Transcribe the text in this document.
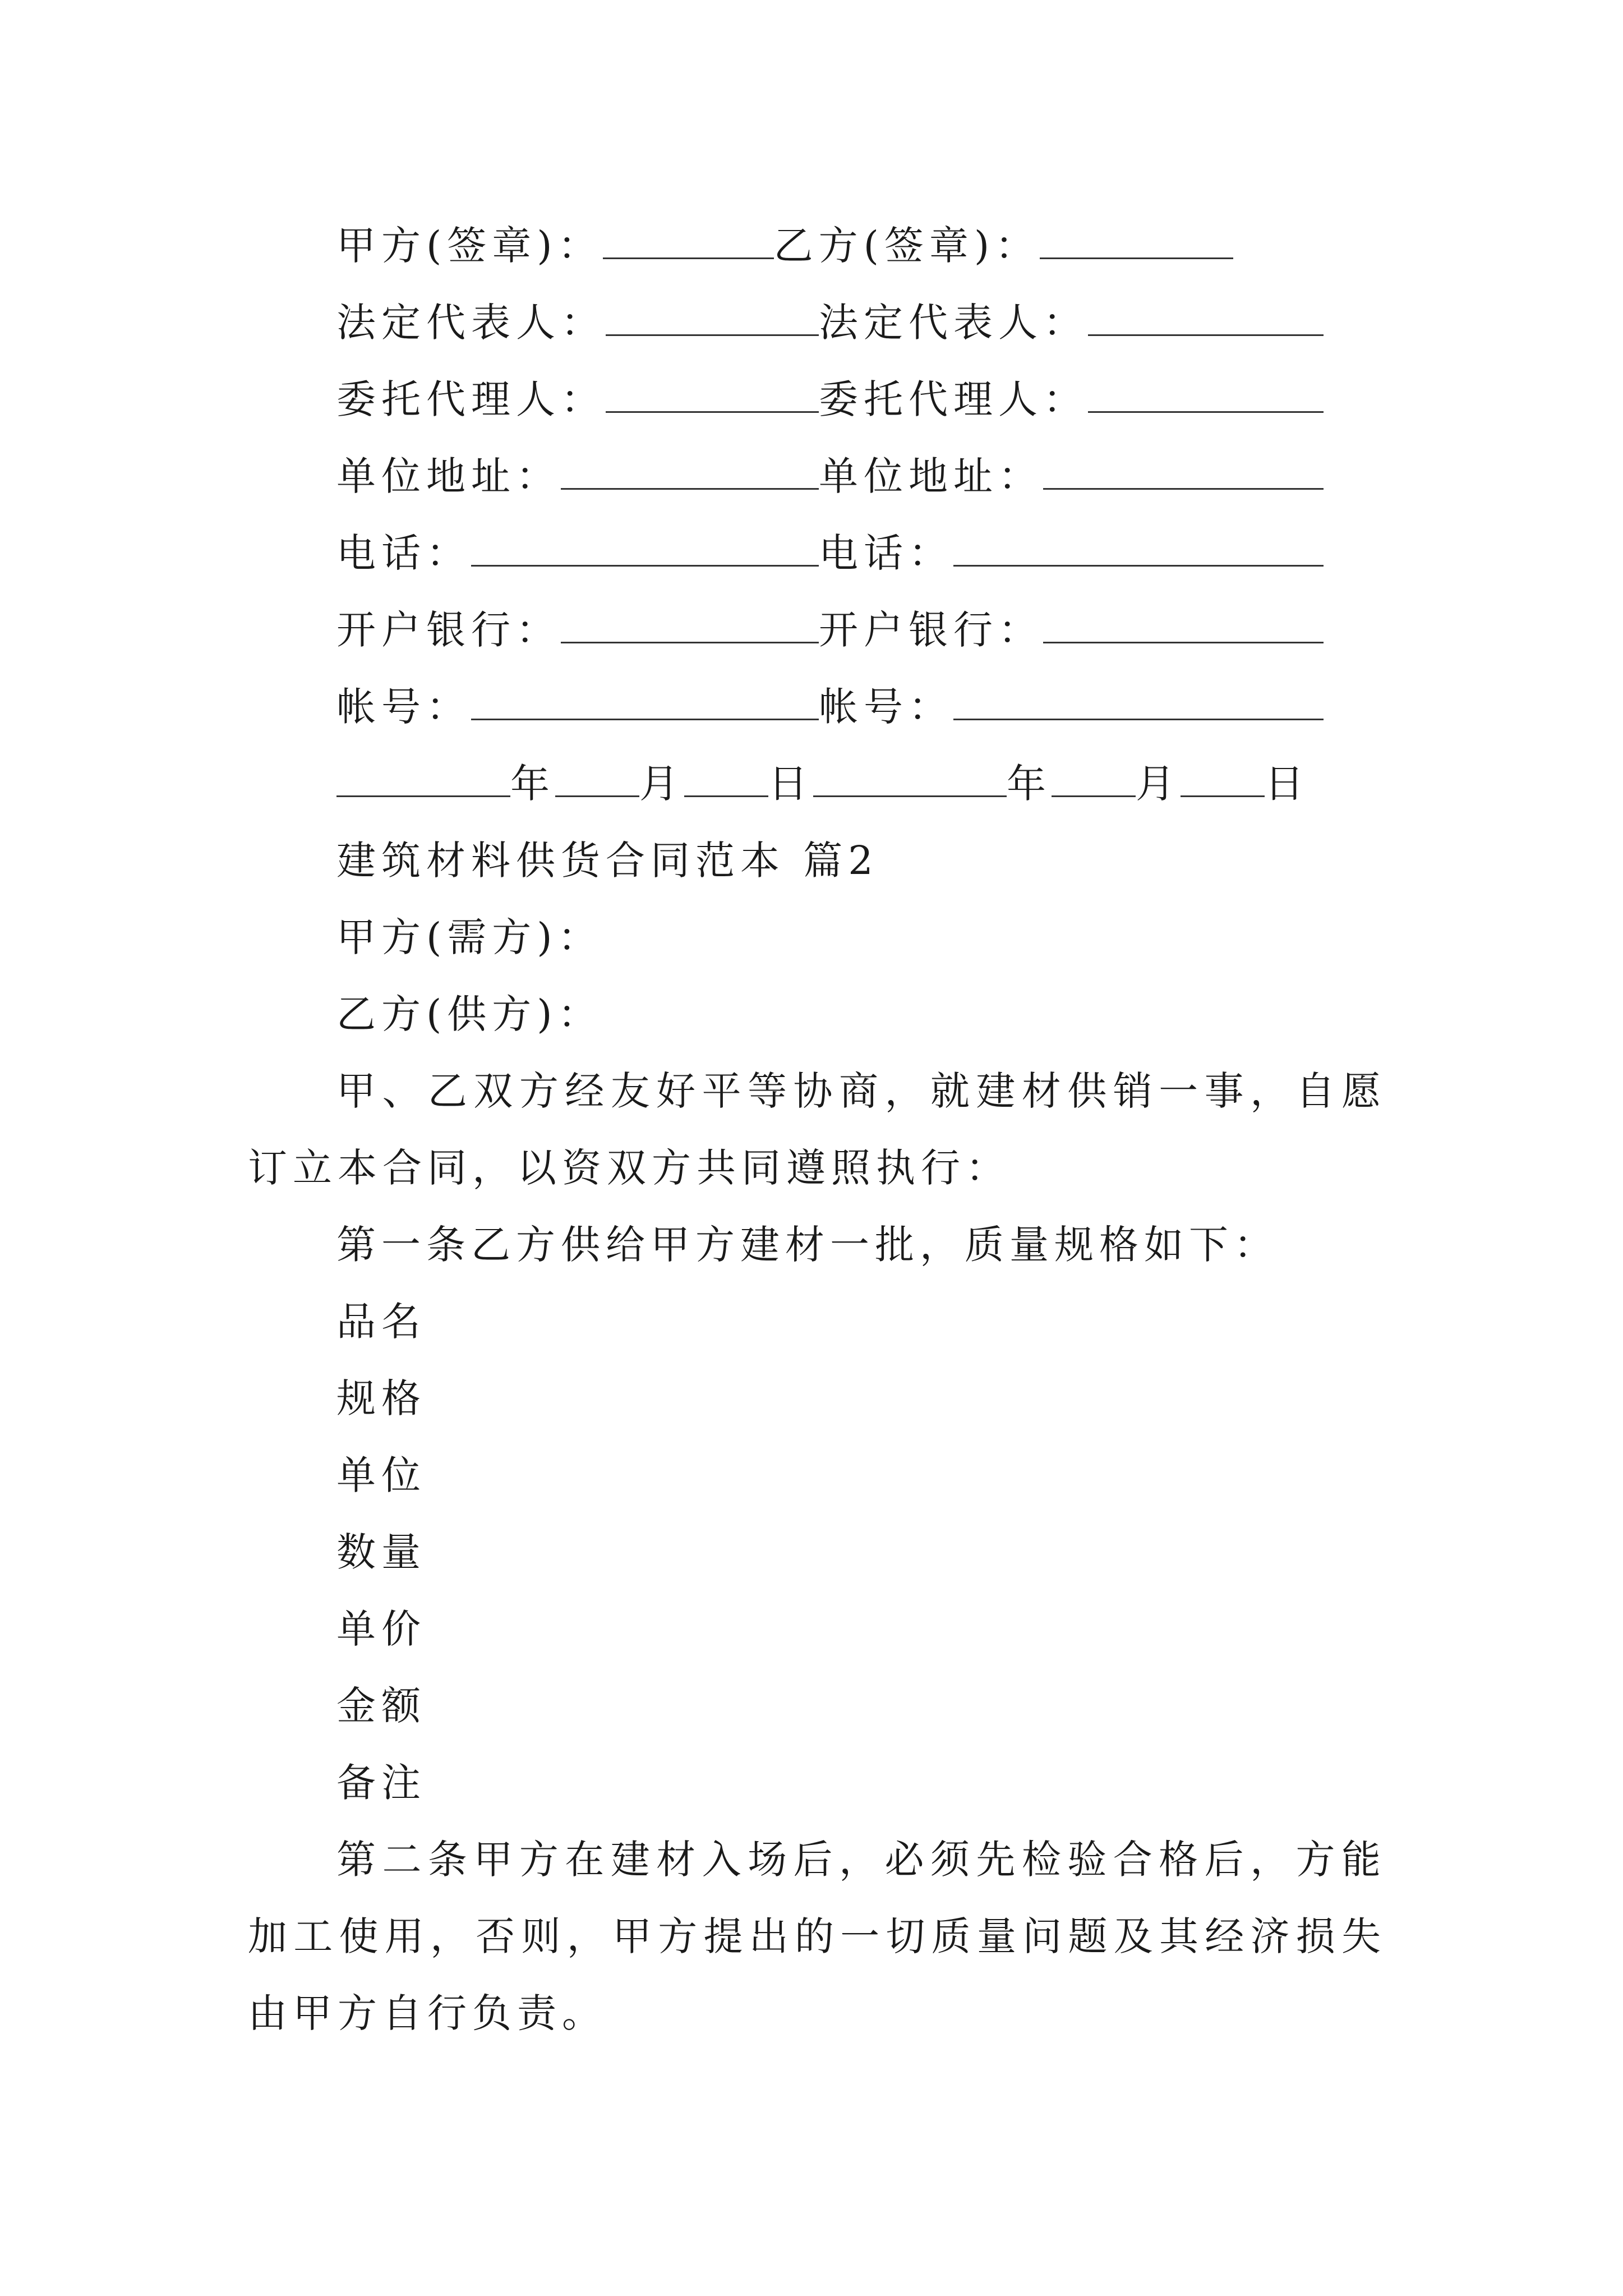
甲方(签章)：	乙方(签章)：
法定代表人：	法定代表人：
委托代理人：	委托代理人：
单位地址：	单位地址：
电话：	电话：
开户银行：	开户银行：
帐号：	帐号：
年 月 日	年 月 日
建筑材料供货合同范本 篇2
甲方(需方)：
乙方(供方)：
甲、乙双方经友好平等协商，就建材供销一事，自愿订立本合同，以资双方共同遵照执行：
第一条乙方供给甲方建材一批，质量规格如下：
品名
规格
单位
数量
单价
金额
备注
第二条甲方在建材入场后，必须先检验合格后，方能加工使用，否则，甲方提出的一切质量问题及其经济损失由甲方自行负责。
